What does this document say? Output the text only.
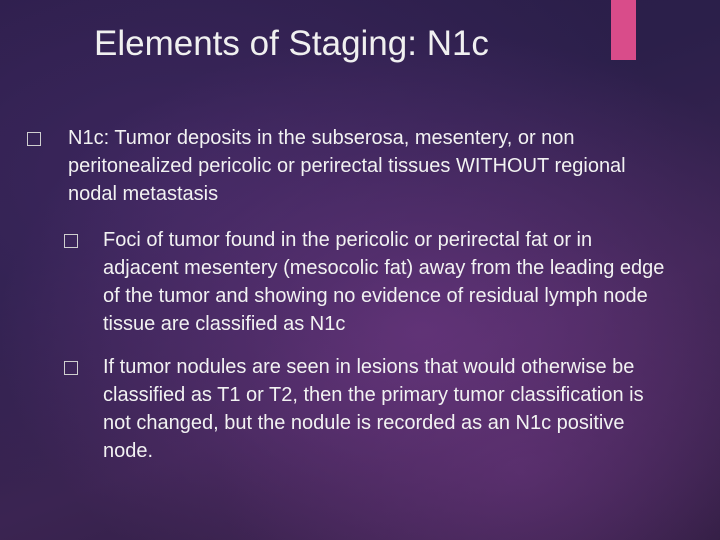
Elements of Staging: N1c
N1c: Tumor deposits in the subserosa, mesentery, or non peritonealized pericolic or perirectal tissues WITHOUT regional nodal metastasis
Foci of tumor found in the pericolic or perirectal fat or in adjacent mesentery (mesocolic fat) away from the leading edge of the tumor and showing no evidence of residual lymph node tissue are classified as N1c
If tumor nodules are seen in lesions that would otherwise be classified as T1 or T2, then the primary tumor classification is not changed, but the nodule is recorded as an N1c positive node.
